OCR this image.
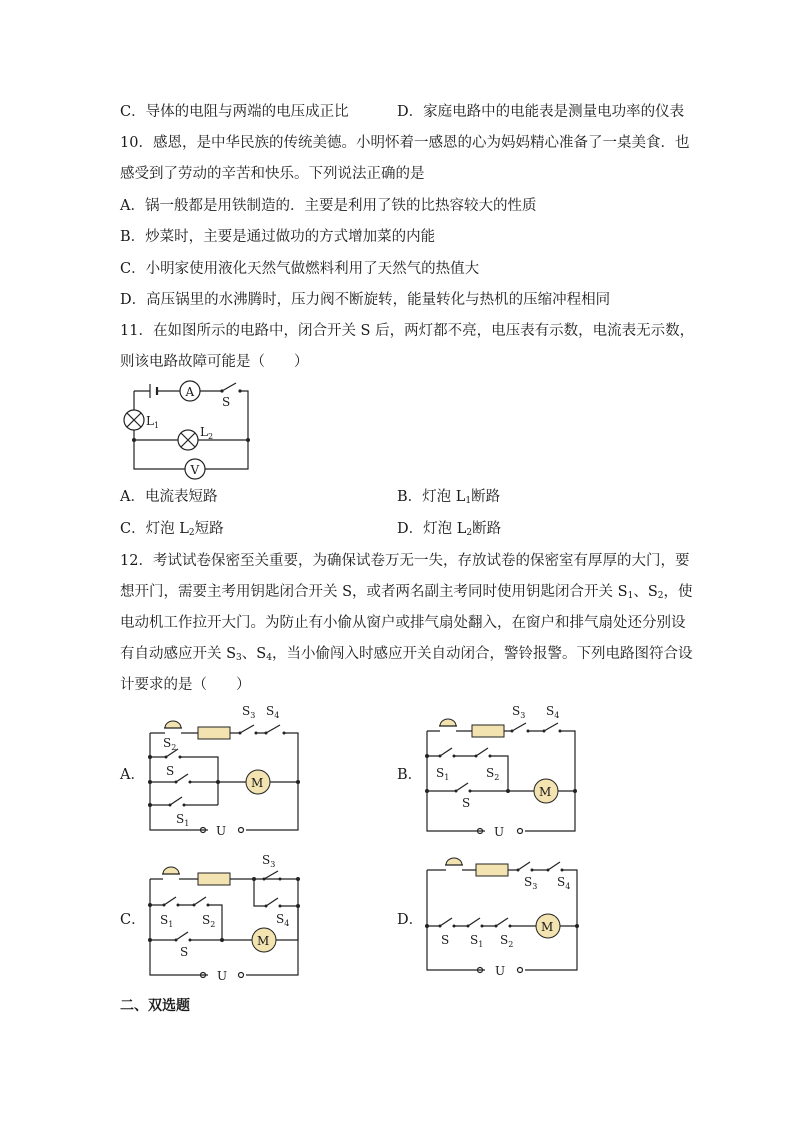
C．导体的电阻与两端的电压成正比	D．家庭电路中的电能表是测量电功率的仪表
10．感恩，是中华民族的传统美德。小明怀着一感恩的心为妈妈精心准备了一桌美食．也
感受到了劳动的辛苦和快乐。下列说法正确的是
A．锅一般都是用铁制造的．主要是利用了铁的比热容较大的性质
B．炒菜时，主要是通过做功的方式增加菜的内能
C．小明家使用液化天然气做燃料利用了天然气的热值大
D．高压锅里的水沸腾时，压力阀不断旋转，能量转化与热机的压缩冲程相同
11．在如图所示的电路中，闭合开关 S 后，两灯都不亮，电压表有示数，电流表无示数，
则该电路故障可能是（　　）
A
S
$L_1$	$L_2$
V
A．电流表短路	B．灯泡 $L_1$断路
C．灯泡 $L_2$短路	D．灯泡 $L_2$断路
12．考试试卷保密至关重要，为确保试卷万无一失，存放试卷的保密室有厚厚的大门，要
想开门，需要主考用钥匙闭合开关 S，或者两名副主考同时使用钥匙闭合开关 $S_1$、$S_2$，使
电动机工作拉开大门。为防止有小偷从窗户或排气扇处翻入，在窗户和排气扇处还分别设
有自动感应开关 $S_3$、$S_4$，当小偷闯入时感应开关自动闭合，警铃报警。下列电路图符合设
计要求的是（　　）
A．	B．
C．	D．
$S_3$ $S_4$
$S_2$
S
M
$S_1$
U
$S_3$ $S_4$
$S_1$	$S_2$
S
M
U
$S_3$
$S_4$
$S_1$ $S_2$
S
M
U
$S_3$ $S_4$
S $S_1$ $S_2$
M
U
二、双选题
